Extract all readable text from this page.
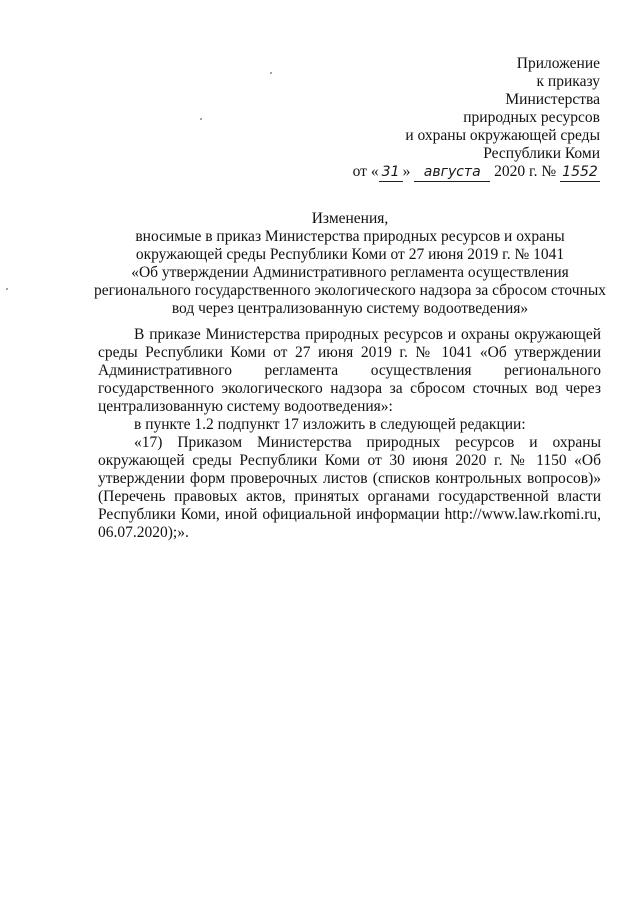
Приложение
к приказу
Министерства
природных ресурсов
и охраны окружающей среды
Республики Коми
от « 31 » августа 2020 г. № 1552
Изменения,
вносимые в приказ Министерства природных ресурсов и охраны
окружающей среды Республики Коми от 27 июня 2019 г. № 1041
«Об утверждении Административного регламента осуществления
регионального государственного экологического надзора за сбросом сточных
вод через централизованную систему водоотведения»

В приказе Министерства природных ресурсов и охраны окружающей среды Республики Коми от 27 июня 2019 г. № 1041 «Об утверждении Административного регламента осуществления регионального государственного экологического надзора за сбросом сточных вод через централизованную систему водоотведения»:

в пункте 1.2 подпункт 17 изложить в следующей редакции:

«17) Приказом Министерства природных ресурсов и охраны окружающей среды Республики Коми от 30 июня 2020 г. № 1150 «Об утверждении форм проверочных листов (списков контрольных вопросов)» (Перечень правовых актов, принятых органами государственной власти Республики Коми, иной официальной информации http://www.law.rkomi.ru, 06.07.2020);».
